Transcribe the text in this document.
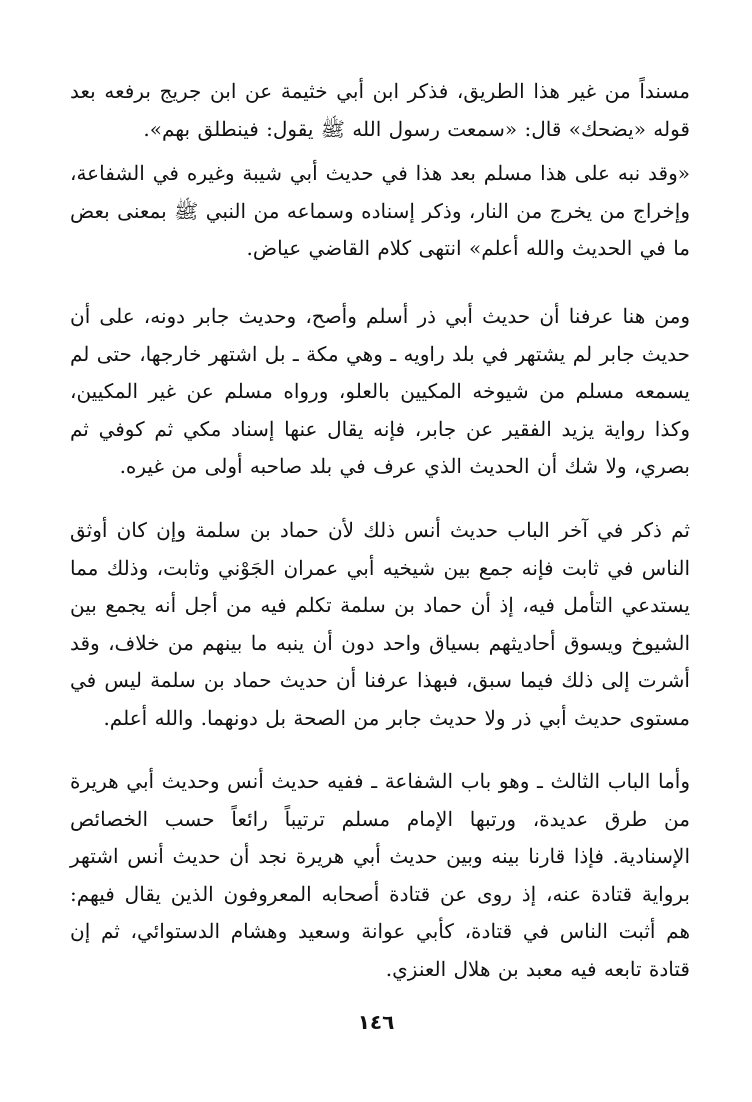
مسنداً من غير هذا الطريق، فذكر ابن أبي خثيمة عن ابن جريج برفعه بعد قوله «يضحك» قال: «سمعت رسول الله ﷺ يقول: فينطلق بهم».

«وقد نبه على هذا مسلم بعد هذا في حديث أبي شيبة وغيره في الشفاعة، وإخراج من يخرج من النار، وذكر إسناده وسماعه من النبي ﷺ بمعنى بعض ما في الحديث والله أعلم» انتهى كلام القاضي عياض.

ومن هنا عرفنا أن حديث أبي ذر أسلم وأصح، وحديث جابر دونه، على أن حديث جابر لم يشتهر في بلد راويه ـ وهي مكة ـ بل اشتهر خارجها، حتى لم يسمعه مسلم من شيوخه المكيين بالعلو، ورواه مسلم عن غير المكيين، وكذا رواية يزيد الفقير عن جابر، فإنه يقال عنها إسناد مكي ثم كوفي ثم بصري، ولا شك أن الحديث الذي عرف في بلد صاحبه أولى من غيره.

ثم ذكر في آخر الباب حديث أنس ذلك لأن حماد بن سلمة وإن كان أوثق الناس في ثابت فإنه جمع بين شيخيه أبي عمران الجَوْني وثابت، وذلك مما يستدعي التأمل فيه، إذ أن حماد بن سلمة تكلم فيه من أجل أنه يجمع بين الشيوخ ويسوق أحاديثهم بسياق واحد دون أن ينبه ما بينهم من خلاف، وقد أشرت إلى ذلك فيما سبق، فبهذا عرفنا أن حديث حماد بن سلمة ليس في مستوى حديث أبي ذر ولا حديث جابر من الصحة بل دونهما. والله أعلم.

وأما الباب الثالث ـ وهو باب الشفاعة ـ ففيه حديث أنس وحديث أبي هريرة من طرق عديدة، ورتبها الإمام مسلم ترتيباً رائعاً حسب الخصائص الإسنادية. فإذا قارنا بينه وبين حديث أبي هريرة نجد أن حديث أنس اشتهر برواية قتادة عنه، إذ روى عن قتادة أصحابه المعروفون الذين يقال فيهم: هم أثبت الناس في قتادة، كأبي عوانة وسعيد وهشام الدستوائي، ثم إن قتادة تابعه فيه معبد بن هلال العنزي.

١٤٦
